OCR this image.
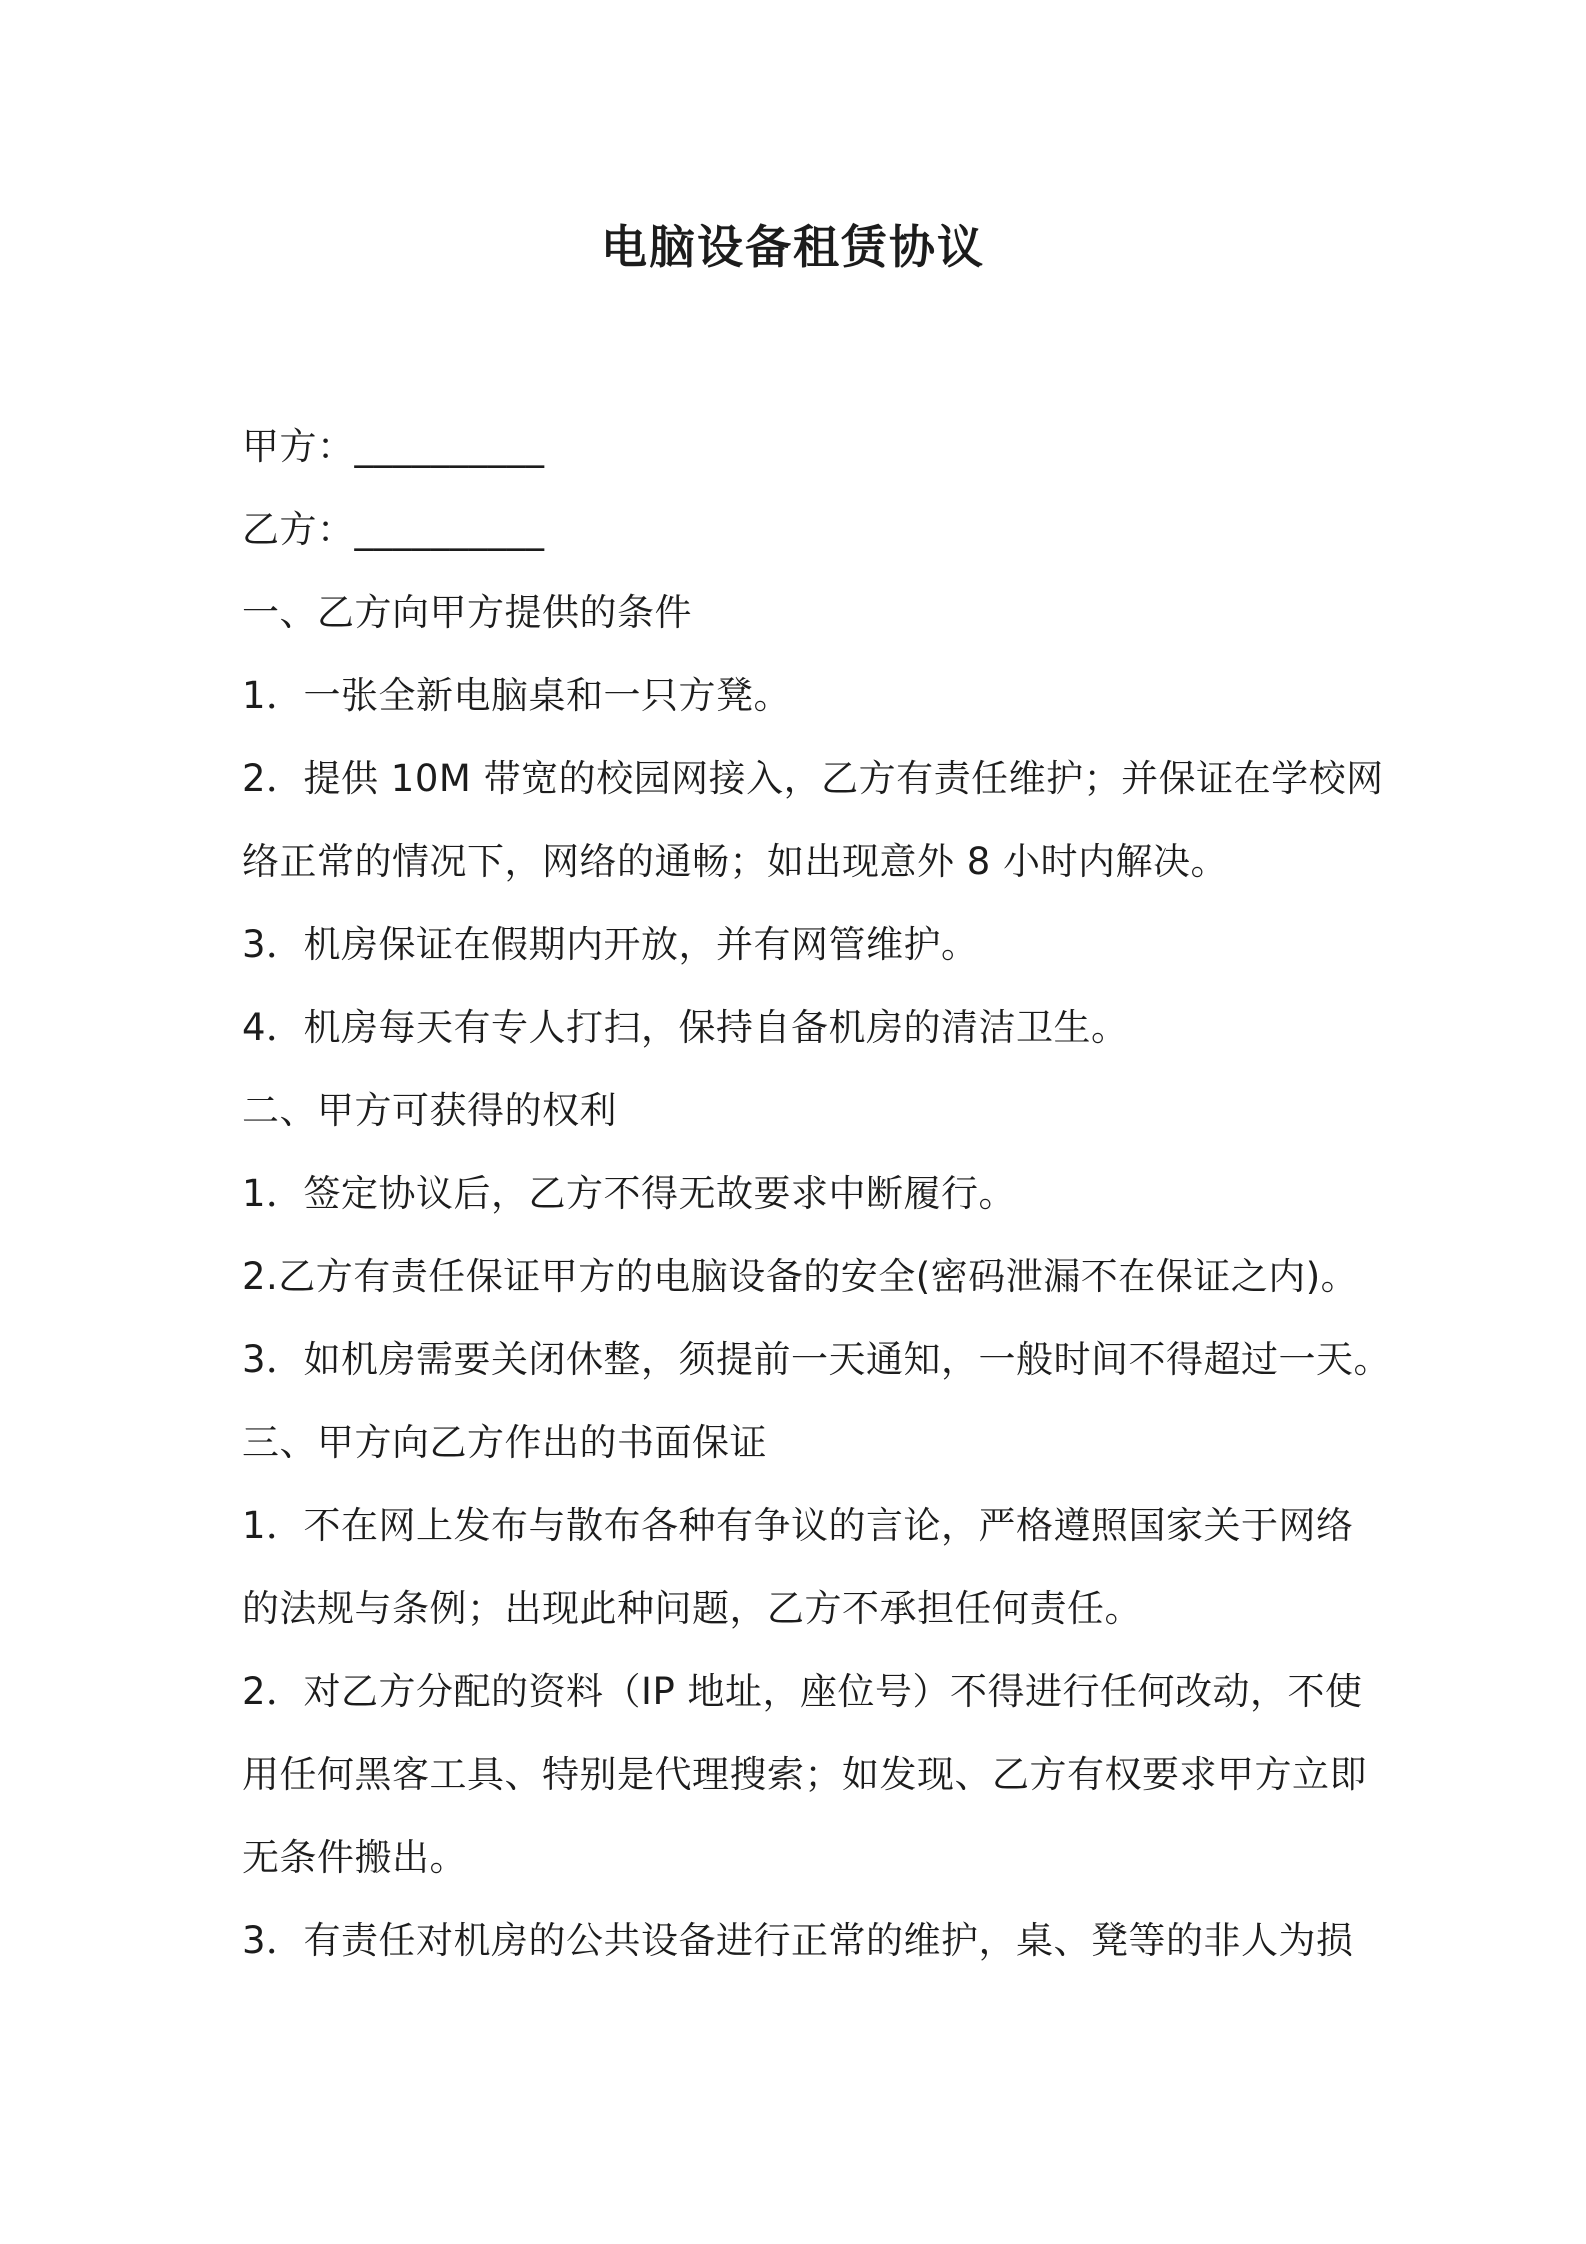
电脑设备租赁协议
甲方：__________
乙方：__________
一、乙方向甲方提供的条件
1．一张全新电脑桌和一只方凳。
2．提供 10M 带宽的校园网接入，乙方有责任维护；并保证在学校网
络正常的情况下，网络的通畅；如出现意外 8 小时内解决。
3．机房保证在假期内开放，并有网管维护。
4．机房每天有专人打扫，保持自备机房的清洁卫生。
二、甲方可获得的权利
1．签定协议后，乙方不得无故要求中断履行。
2.乙方有责任保证甲方的电脑设备的安全(密码泄漏不在保证之内)。
3．如机房需要关闭休整，须提前一天通知，一般时间不得超过一天。
三、甲方向乙方作出的书面保证
1．不在网上发布与散布各种有争议的言论，严格遵照国家关于网络
的法规与条例；出现此种问题，乙方不承担任何责任。
2．对乙方分配的资料（IP 地址，座位号）不得进行任何改动，不使
用任何黑客工具、特别是代理搜索；如发现、乙方有权要求甲方立即
无条件搬出。
3．有责任对机房的公共设备进行正常的维护，桌、凳等的非人为损
